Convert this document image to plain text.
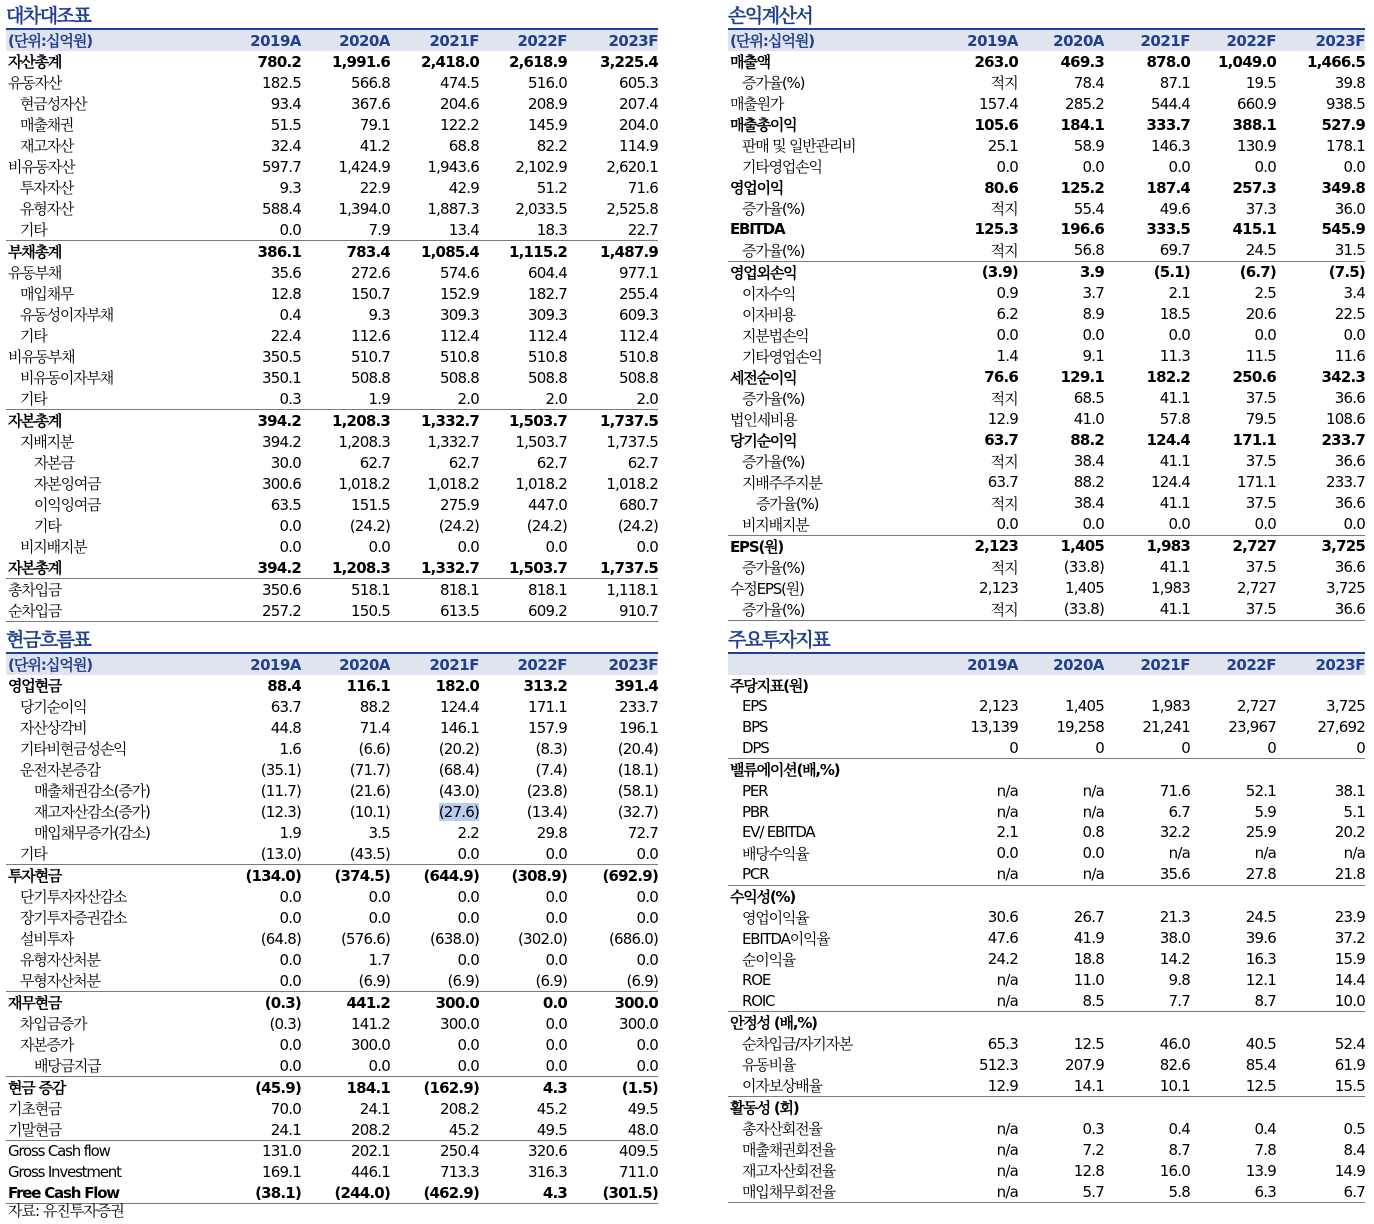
대차대조표
(단위:십억원)	2019A	2020A	2021F	2022F	2023F
자산총계	780.2	1,991.6	2,418.0	2,618.9	3,225.4
유동자산	182.5	566.8	474.5	516.0	605.3
현금성자산	93.4	367.6	204.6	208.9	207.4
매출채권	51.5	79.1	122.2	145.9	204.0
재고자산	32.4	41.2	68.8	82.2	114.9
비유동자산	597.7	1,424.9	1,943.6	2,102.9	2,620.1
투자자산	9.3	22.9	42.9	51.2	71.6
유형자산	588.4	1,394.0	1,887.3	2,033.5	2,525.8
기타	0.0	7.9	13.4	18.3	22.7
부채총계	386.1	783.4	1,085.4	1,115.2	1,487.9
유동부채	35.6	272.6	574.6	604.4	977.1
매입채무	12.8	150.7	152.9	182.7	255.4
유동성이자부채	0.4	9.3	309.3	309.3	609.3
기타	22.4	112.6	112.4	112.4	112.4
비유동부채	350.5	510.7	510.8	510.8	510.8
비유동이자부채	350.1	508.8	508.8	508.8	508.8
기타	0.3	1.9	2.0	2.0	2.0
자본총계	394.2	1,208.3	1,332.7	1,503.7	1,737.5
지배지분	394.2	1,208.3	1,332.7	1,503.7	1,737.5
자본금	30.0	62.7	62.7	62.7	62.7
자본잉여금	300.6	1,018.2	1,018.2	1,018.2	1,018.2
이익잉여금	63.5	151.5	275.9	447.0	680.7
기타	0.0	(24.2)	(24.2)	(24.2)	(24.2)
비지배지분	0.0	0.0	0.0	0.0	0.0
자본총계	394.2	1,208.3	1,332.7	1,503.7	1,737.5
총차입금	350.6	518.1	818.1	818.1	1,118.1
순차입금	257.2	150.5	613.5	609.2	910.7
손익계산서
(단위:십억원)	2019A	2020A	2021F	2022F	2023F
매출액	263.0	469.3	878.0	1,049.0	1,466.5
증가율(%)	적지	78.4	87.1	19.5	39.8
매출원가	157.4	285.2	544.4	660.9	938.5
매출총이익	105.6	184.1	333.7	388.1	527.9
판매 및 일반관리비	25.1	58.9	146.3	130.9	178.1
기타영업손익	0.0	0.0	0.0	0.0	0.0
영업이익	80.6	125.2	187.4	257.3	349.8
증가율(%)	적지	55.4	49.6	37.3	36.0
EBITDA	125.3	196.6	333.5	415.1	545.9
증가율(%)	적지	56.8	69.7	24.5	31.5
영업외손익	(3.9)	3.9	(5.1)	(6.7)	(7.5)
이자수익	0.9	3.7	2.1	2.5	3.4
이자비용	6.2	8.9	18.5	20.6	22.5
지분법손익	0.0	0.0	0.0	0.0	0.0
기타영업손익	1.4	9.1	11.3	11.5	11.6
세전순이익	76.6	129.1	182.2	250.6	342.3
증가율(%)	적지	68.5	41.1	37.5	36.6
법인세비용	12.9	41.0	57.8	79.5	108.6
당기순이익	63.7	88.2	124.4	171.1	233.7
증가율(%)	적지	38.4	41.1	37.5	36.6
지배주주지분	63.7	88.2	124.4	171.1	233.7
증가율(%)	적지	38.4	41.1	37.5	36.6
비지배지분	0.0	0.0	0.0	0.0	0.0
EPS(원)	2,123	1,405	1,983	2,727	3,725
증가율(%)	적지	(33.8)	41.1	37.5	36.6
수정EPS(원)	2,123	1,405	1,983	2,727	3,725
증가율(%)	적지	(33.8)	41.1	37.5	36.6
현금흐름표
(단위:십억원)	2019A	2020A	2021F	2022F	2023F
영업현금	88.4	116.1	182.0	313.2	391.4
당기순이익	63.7	88.2	124.4	171.1	233.7
자산상각비	44.8	71.4	146.1	157.9	196.1
기타비현금성손익	1.6	(6.6)	(20.2)	(8.3)	(20.4)
운전자본증감	(35.1)	(71.7)	(68.4)	(7.4)	(18.1)
매출채권감소(증가)	(11.7)	(21.6)	(43.0)	(23.8)	(58.1)
재고자산감소(증가)	(12.3)	(10.1)	(27.6)	(13.4)	(32.7)
매입채무증가(감소)	1.9	3.5	2.2	29.8	72.7
기타	(13.0)	(43.5)	0.0	0.0	0.0
투자현금	(134.0)	(374.5)	(644.9)	(308.9)	(692.9)
단기투자자산감소	0.0	0.0	0.0	0.0	0.0
장기투자증권감소	0.0	0.0	0.0	0.0	0.0
설비투자	(64.8)	(576.6)	(638.0)	(302.0)	(686.0)
유형자산처분	0.0	1.7	0.0	0.0	0.0
무형자산처분	0.0	(6.9)	(6.9)	(6.9)	(6.9)
재무현금	(0.3)	441.2	300.0	0.0	300.0
차입금증가	(0.3)	141.2	300.0	0.0	300.0
자본증가	0.0	300.0	0.0	0.0	0.0
배당금지급	0.0	0.0	0.0	0.0	0.0
현금 증감	(45.9)	184.1	(162.9)	4.3	(1.5)
기초현금	70.0	24.1	208.2	45.2	49.5
기말현금	24.1	208.2	45.2	49.5	48.0
Gross Cash flow	131.0	202.1	250.4	320.6	409.5
Gross Investment	169.1	446.1	713.3	316.3	711.0
Free Cash Flow	(38.1)	(244.0)	(462.9)	4.3	(301.5)
주요투자지표
	2019A	2020A	2021F	2022F	2023F
주당지표(원)					
EPS	2,123	1,405	1,983	2,727	3,725
BPS	13,139	19,258	21,241	23,967	27,692
DPS	0	0	0	0	0
밸류에이션(배,%)					
PER	n/a	n/a	71.6	52.1	38.1
PBR	n/a	n/a	6.7	5.9	5.1
EV/ EBITDA	2.1	0.8	32.2	25.9	20.2
배당수익율	0.0	0.0	n/a	n/a	n/a
PCR	n/a	n/a	35.6	27.8	21.8
수익성(%)					
영업이익율	30.6	26.7	21.3	24.5	23.9
EBITDA이익율	47.6	41.9	38.0	39.6	37.2
순이익율	24.2	18.8	14.2	16.3	15.9
ROE	n/a	11.0	9.8	12.1	14.4
ROIC	n/a	8.5	7.7	8.7	10.0
안정성 (배,%)					
순차입금/자기자본	65.3	12.5	46.0	40.5	52.4
유동비율	512.3	207.9	82.6	85.4	61.9
이자보상배율	12.9	14.1	10.1	12.5	15.5
활동성 (회)					
총자산회전율	n/a	0.3	0.4	0.4	0.5
매출채권회전율	n/a	7.2	8.7	7.8	8.4
재고자산회전율	n/a	12.8	16.0	13.9	14.9
매입채무회전율	n/a	5.7	5.8	6.3	6.7
자료: 유진투자증권
